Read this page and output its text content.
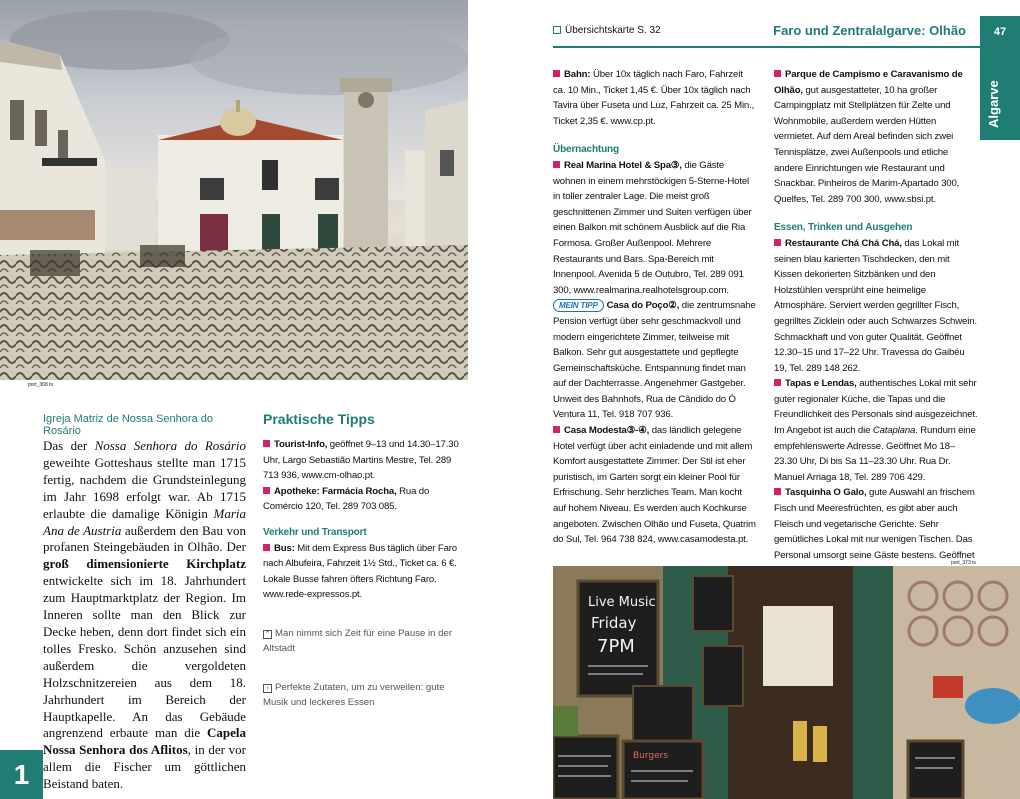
port_368 ts
Igreja Matriz de Nossa Senhora do Rosário
Das der Nossa Senhora do Rosário geweihte Gotteshaus stellte man 1715 fertig, nachdem die Grundsteinlegung im Jahr 1698 erfolgt war. Ab 1715 erlaubte die damalige Königin Maria Ana de Austria außerdem den Bau von profanen Steingebäuden in Olhão. Der groß dimensionierte Kirchplatz entwickelte sich im 18. Jahrhundert zum Hauptmarktplatz der Region. Im Inneren sollte man den Blick zur Decke heben, denn dort findet sich ein tolles Fresko. Schön anzusehen sind außerdem die vergoldeten Holzschnitzereien aus dem 18. Jahrhundert im Bereich der Hauptkapelle. An das Gebäude angrenzend erbaute man die Capela Nossa Senhora dos Aflitos, in der vor allem die Fischer um göttlichen Beistand baten.
Praktische Tipps
Tourist-Info, geöffnet 9–13 und 14.30–17.30 Uhr, Largo Sebastião Martins Mestre, Tel. 289 713 936, www.cm-olhao.pt.
Apotheke: Farmácia Rocha, Rua do Comércio 120, Tel. 289 703 085.
Verkehr und Transport
Bus: Mit dem Express Bus täglich über Faro nach Albufeira, Fahrzeit 1½ Std., Ticket ca. 6 €. Lokale Busse fahren öfters Richtung Faro. www.rede-expressos.pt.
⌃ Man nimmt sich Zeit für eine Pause in der Altstadt
› Perfekte Zutaten, um zu verweilen: gute Musik und leckeres Essen
1
Übersichtskarte S. 32	Faro und Zentralalgarve: Olhão	47
Algarve
Bahn: Über 10x täglich nach Faro, Fahrzeit ca. 10 Min., Ticket 1,45 €. Über 10x täglich nach Tavira über Fuseta und Luz, Fahrzeit ca. 25 Min., Ticket 2,35 €. www.cp.pt.
Übernachtung
Real Marina Hotel & Spa③, die Gäste wohnen in einem mehrstöckigen 5-Sterne-Hotel in toller zentraler Lage. Die meist groß geschnittenen Zimmer und Suiten verfügen über einen Balkon mit schönem Ausblick auf die Ria Formosa. Großer Außenpool. Mehrere Restaurants und Bars. Spa-Bereich mit Innenpool. Avenida 5 de Outubro, Tel. 289 091 300, www.realmarina.realhotelsgroup.com.
MEIN TIPP Casa do Poço②, die zentrumsnahe Pension verfügt über sehr geschmackvoll und modern eingerichtete Zimmer, teilweise mit Balkon. Sehr gut ausgestattete und gepflegte Gemeinschaftsküche. Entspannung findet man auf der Dachterrasse. Angenehmer Gastgeber. Unweit des Bahnhofs, Rua de Cândido do Ó Ventura 11, Tel. 918 707 936.
Casa Modesta③-④, das ländlich gelegene Hotel verfügt über acht einladende und mit allem Komfort ausgestattete Zimmer. Der Stil ist eher puristisch, im Garten sorgt ein kleiner Pool für Erfrischung. Sehr herzliches Team. Man kocht auf hohem Niveau. Es werden auch Kochkurse angeboten. Zwischen Olhão und Fuseta, Quatrim do Sul, Tel. 964 738 824, www.casamodesta.pt.
Parque de Campismo e Caravanismo de Olhão, gut ausgestatteter, 10 ha großer Campingplatz mit Stellplätzen für Zelte und Wohnmobile, außerdem werden Hütten vermietet. Auf dem Areal befinden sich zwei Tennisplätze, zwei Außenpools und etliche andere Einrichtungen wie Restaurant und Snackbar. Pinheiros de Marim-Apartado 300, Quelfes, Tel. 289 700 300, www.sbsi.pt.
Essen, Trinken und Ausgehen
Restaurante Chá Chá Chá, das Lokal mit seinen blau karierten Tischdecken, den mit Kissen dekorierten Sitzbänken und den Holzstühlen versprüht eine heimelige Atmosphäre. Serviert werden gegrillter Fisch, gegrilltes Zicklein oder auch Schwarzes Schwein. Schmackhaft und von guter Qualität. Geöffnet 12.30–15 und 17–22 Uhr. Travessa do Gaibéu 19, Tel. 289 148 262.
Tapas e Lendas, authentisches Lokal mit sehr guter regionaler Küche, die Tapas und die Freundlichkeit des Personals sind ausgezeichnet. Im Angebot ist auch die Cataplana. Rundum eine empfehlenswerte Adresse. Geöffnet Mo 18–23.30 Uhr, Di bis Sa 11–23.30 Uhr. Rua Dr. Manuel Arriaga 18, Tel. 289 706 429.
Tasquinha O Galo, gute Auswahl an frischem Fisch und Meeresfrüchten, es gibt aber auch Fleisch und vegetarische Gerichte. Sehr gemütliches Lokal mit nur wenigen Tischen. Das Personal umsorgt seine Gäste bestens. Geöffnet
port_373 ts
Live Music
Friday
7PM
Burgers
